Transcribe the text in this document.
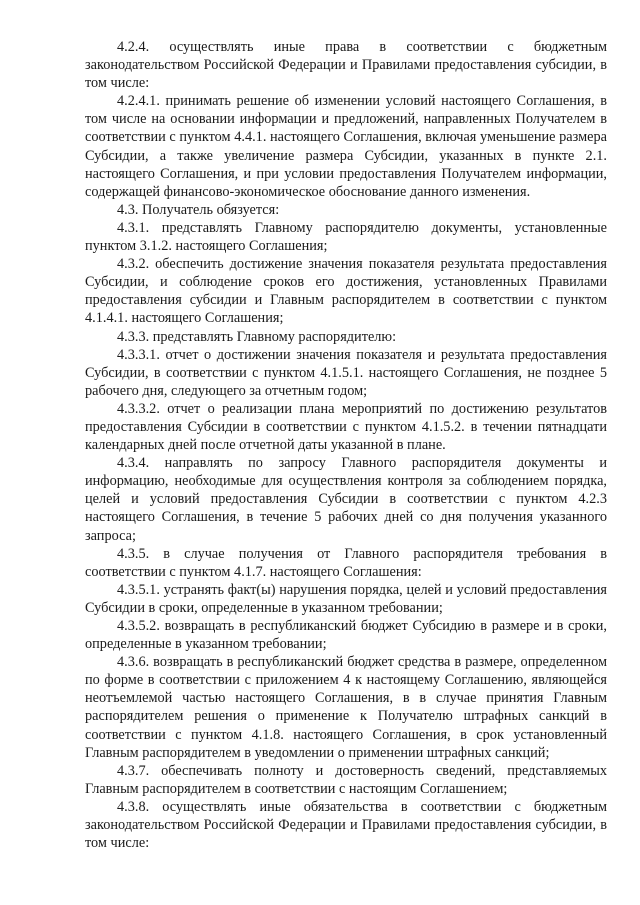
4.2.4. осуществлять иные права в соответствии с бюджетным законодательством Российской Федерации и Правилами предоставления субсидии, в том числе:

4.2.4.1. принимать решение об изменении условий настоящего Соглашения, в том числе на основании информации и предложений, направленных Получателем в соответствии с пунктом 4.4.1. настоящего Соглашения, включая уменьшение размера Субсидии, а также увеличение размера Субсидии, указанных в пункте 2.1. настоящего Соглашения, и при условии предоставления Получателем информации, содержащей финансово-экономическое обоснование данного изменения.

4.3. Получатель обязуется:

4.3.1. представлять Главному распорядителю документы, установленные пунктом 3.1.2. настоящего Соглашения;

4.3.2. обеспечить достижение значения показателя результата предоставления Субсидии, и соблюдение сроков его достижения, установленных Правилами предоставления субсидии и Главным распорядителем в соответствии с пунктом 4.1.4.1. настоящего Соглашения;

4.3.3. представлять Главному распорядителю:

4.3.3.1. отчет о достижении значения показателя и результата предоставления Субсидии, в соответствии с пунктом 4.1.5.1. настоящего Соглашения, не позднее 5 рабочего дня, следующего за отчетным годом;

4.3.3.2. отчет о реализации плана мероприятий по достижению результатов предоставления Субсидии в соответствии с пунктом 4.1.5.2. в течении пятнадцати календарных дней после отчетной даты указанной в плане.

4.3.4. направлять по запросу Главного распорядителя документы и информацию, необходимые для осуществления контроля за соблюдением порядка, целей и условий предоставления Субсидии в соответствии с пунктом 4.2.3 настоящего Соглашения, в течение 5 рабочих дней со дня получения указанного запроса;

4.3.5. в случае получения от Главного распорядителя требования в соответствии с пунктом 4.1.7. настоящего Соглашения:

4.3.5.1. устранять факт(ы) нарушения порядка, целей и условий предоставления Субсидии в сроки, определенные в указанном требовании;

4.3.5.2. возвращать в республиканский бюджет Субсидию в размере и в сроки, определенные в указанном требовании;

4.3.6. возвращать в республиканский бюджет средства в размере, определенном по форме в соответствии с приложением 4 к настоящему Соглашению, являющейся неотъемлемой частью настоящего Соглашения, в в случае принятия Главным распорядителем решения о применение к Получателю штрафных санкций в соответствии с пунктом 4.1.8. настоящего Соглашения, в срок установленный Главным распорядителем в уведомлении о применении штрафных санкций;

4.3.7. обеспечивать полноту и достоверность сведений, представляемых Главным распорядителем в соответствии с настоящим Соглашением;

4.3.8. осуществлять иные обязательства в соответствии с бюджетным законодательством Российской Федерации и Правилами предоставления субсидии, в том числе:
